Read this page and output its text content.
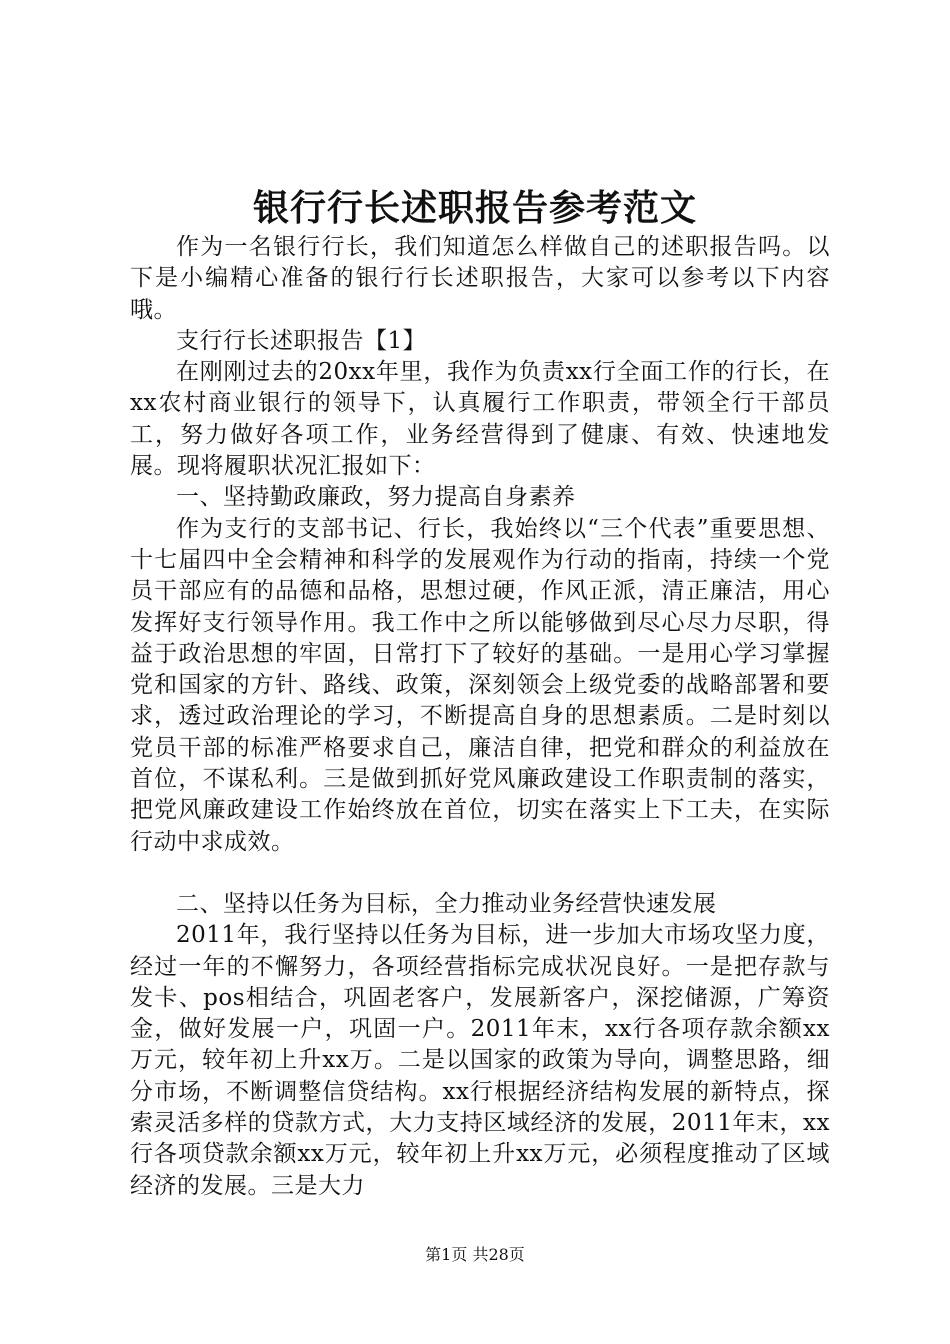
银行行长述职报告参考范文

作为一名银行行长，我们知道怎么样做自己的述职报告吗。以下是小编精心准备的银行行长述职报告，大家可以参考以下内容哦。

支行行长述职报告【1】

在刚刚过去的20xx年里，我作为负责xx行全面工作的行长，在xx农村商业银行的领导下，认真履行工作职责，带领全行干部员工，努力做好各项工作，业务经营得到了健康、有效、快速地发展。现将履职状况汇报如下：

一、坚持勤政廉政，努力提高自身素养

作为支行的支部书记、行长，我始终以“三个代表”重要思想、十七届四中全会精神和科学的发展观作为行动的指南，持续一个党员干部应有的品德和品格，思想过硬，作风正派，清正廉洁，用心发挥好支行领导作用。我工作中之所以能够做到尽心尽力尽职，得益于政治思想的牢固，日常打下了较好的基础。一是用心学习掌握党和国家的方针、路线、政策，深刻领会上级党委的战略部署和要求，透过政治理论的学习，不断提高自身的思想素质。二是时刻以党员干部的标准严格要求自己，廉洁自律，把党和群众的利益放在首位，不谋私利。三是做到抓好党风廉政建设工作职责制的落实，把党风廉政建设工作始终放在首位，切实在落实上下工夫，在实际行动中求成效。

二、坚持以任务为目标，全力推动业务经营快速发展

2011年，我行坚持以任务为目标，进一步加大市场攻坚力度，经过一年的不懈努力，各项经营指标完成状况良好。一是把存款与发卡、pos相结合，巩固老客户，发展新客户，深挖储源，广筹资金，做好发展一户，巩固一户。2011年末，xx行各项存款余额xx万元，较年初上升xx万。二是以国家的政策为导向，调整思路，细分市场，不断调整信贷结构。xx行根据经济结构发展的新特点，探索灵活多样的贷款方式，大力支持区域经济的发展，2011年末，xx行各项贷款余额xx万元，较年初上升xx万元，必须程度推动了区域经济的发展。三是大力

第1页 共28页
